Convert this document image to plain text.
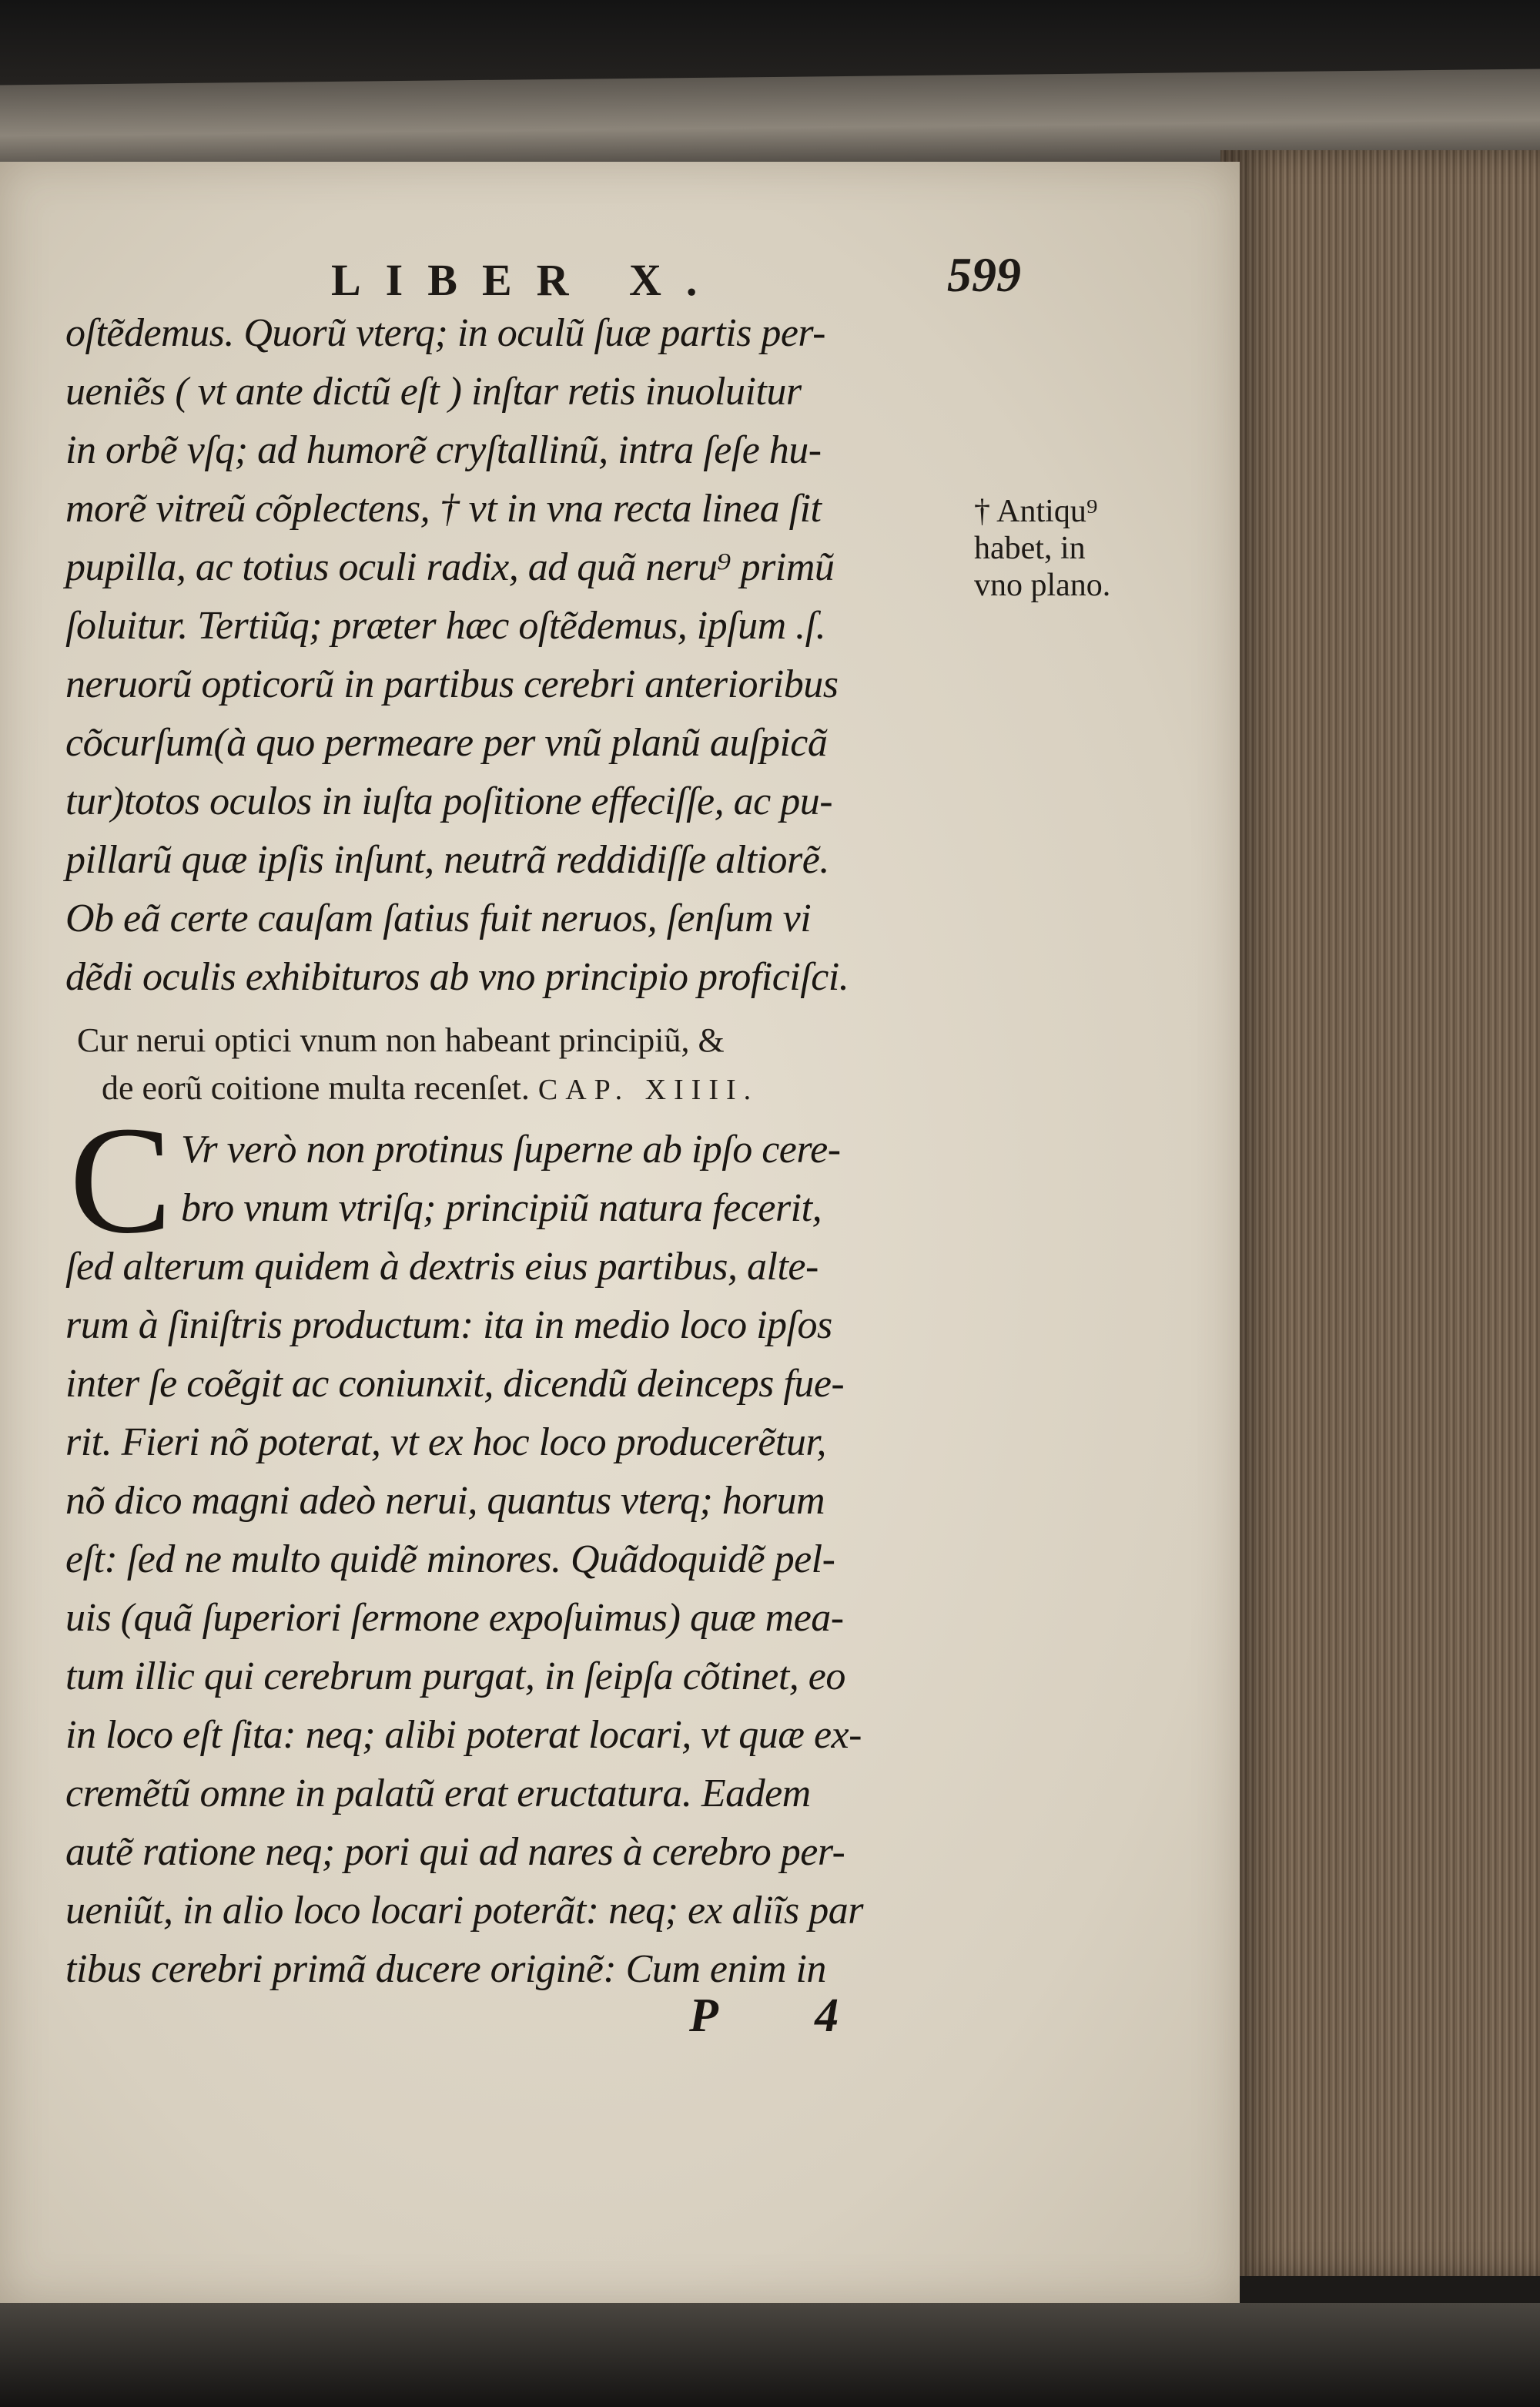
LIBER X.	599
oſtẽdemus. Quorũ vterq; in oculũ ſuæ partis per-
ueniẽs ( vt ante dictũ eſt ) inſtar retis inuoluitur
in orbẽ vſq; ad humorẽ cryſtallinũ, intra ſeſe hu-
morẽ vitreũ cõplectens, † vt in vna recta linea ſit
pupilla, ac totius oculi radix, ad quã neru⁹ primũ
ſoluitur. Tertiũq; præter hæc oſtẽdemus, ipſum .ſ.
neruorũ opticorũ in partibus cerebri anterioribus
cõcurſum(à quo permeare per vnũ planũ auſpicã
tur)totos oculos in iuſta poſitione effeciſſe, ac pu-
pillarũ quæ ipſis inſunt, neutrã reddidiſſe altiorẽ.
Ob eã certe cauſam ſatius fuit neruos, ſenſum vi
dẽdi oculis exhibituros ab vno principio proficiſci.
† Antiqu⁹
habet, in
vno plano.
Cur nerui optici vnum non habeant principiũ, &
de eorũ coitione multa recenſet. CAP. XIIII.
C Vr verò non protinus ſuperne ab ipſo cere-
bro vnum vtriſq; principiũ natura fecerit,
ſed alterum quidem à dextris eius partibus, alte-
rum à ſiniſtris productum: ita in medio loco ipſos
inter ſe coẽgit ac coniunxit, dicendũ deinceps fue-
rit. Fieri nõ poterat, vt ex hoc loco producerẽtur,
nõ dico magni adeò nerui, quantus vterq; horum
eſt: ſed ne multo quidẽ minores. Quãdoquidẽ pel-
uis (quã ſuperiori ſermone expoſuimus) quæ mea-
tum illic qui cerebrum purgat, in ſeipſa cõtinet, eo
in loco eſt ſita: neq; alibi poterat locari, vt quæ ex-
cremẽtũ omne in palatũ erat eructatura. Eadem
autẽ ratione neq; pori qui ad nares à cerebro per-
ueniũt, in alio loco locari poterãt: neq; ex aliĩs par
tibus cerebri primã ducere originẽ: Cum enim in
P 4
